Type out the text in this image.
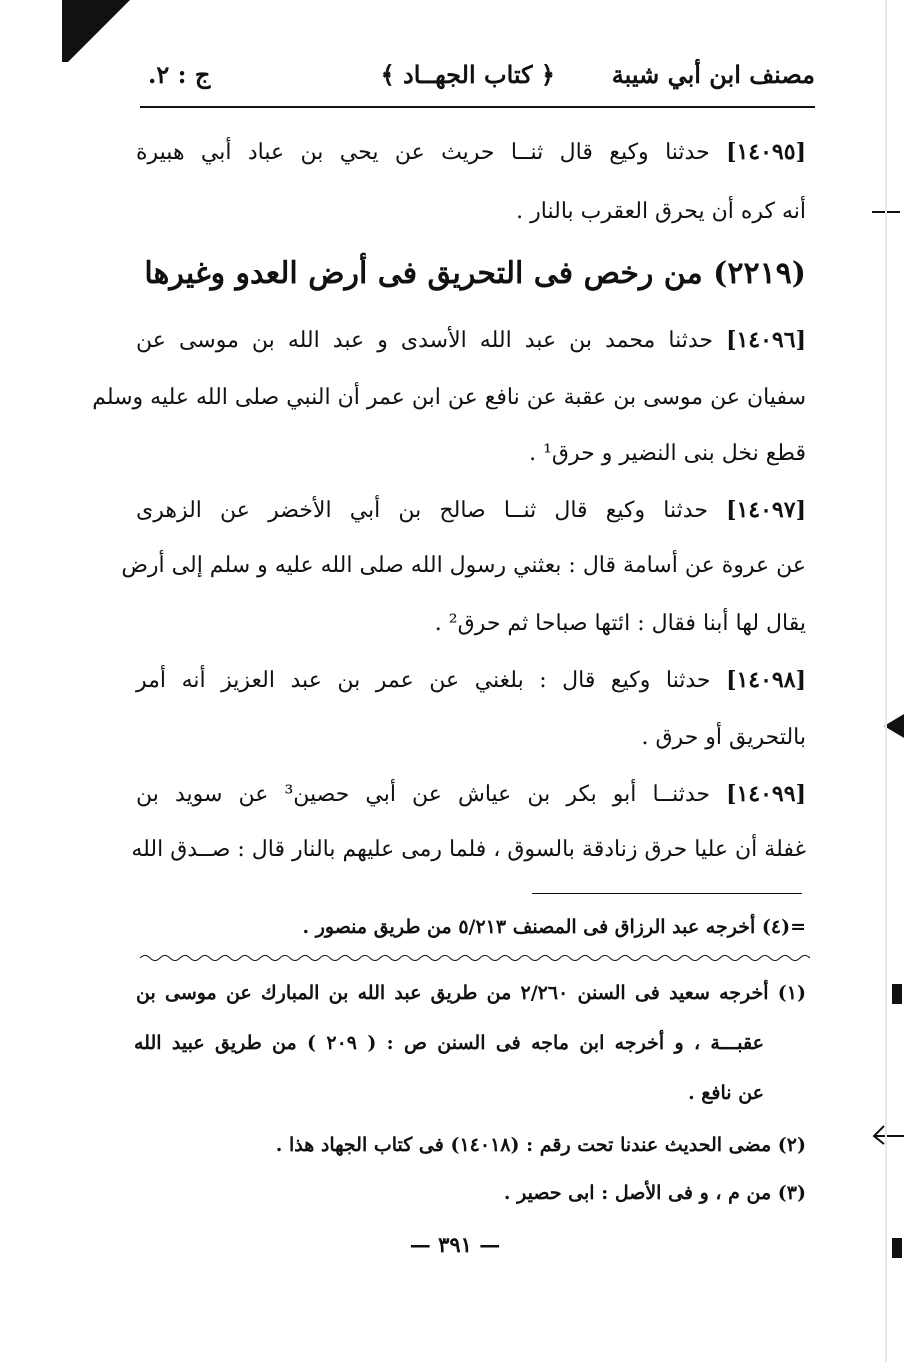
مصنف ابن أبي شيبة
﴿ كتاب الجهــاد ﴾
ج : ٢.
[١٤٠٩٥] حدثنا وكيع قال ثنــا حريث عن يحي بن عباد أبي هبيرة
أنه كره أن يحرق العقرب بالنار .
(٢٢١٩) من رخص فى التحريق فى أرض العدو وغيرها
[١٤٠٩٦] حدثنا محمد بن عبد الله الأسدى و عبد الله بن موسى عن
سفيان عن موسى بن عقبة عن نافع عن ابن عمر أن النبي صلى الله عليه وسلم
قطع نخل بنى النضير و حرق¹ .
[١٤٠٩٧] حدثنا وكيع قال ثنــا صالح بن أبي الأخضر عن الزهرى
عن عروة عن أسامة قال : بعثني رسول الله صلى الله عليه و سلم إلى أرض
يقال لها أبنا فقال : ائتها صباحا ثم حرق² .
[١٤٠٩٨] حدثنا وكيع قال : بلغني عن عمر بن عبد العزيز أنه أمر
بالتحريق أو حرق .
[١٤٠٩٩] حدثنــا أبو بكر بن عياش عن أبي حصين³ عن سويد بن
غفلة أن عليا حرق زنادقة بالسوق ، فلما رمى عليهم بالنار قال : صــدق الله
=(٤) أخرجه عبد الرزاق فى المصنف ٥/٢١٣ من طريق منصور .
(١) أخرجه سعيد فى السنن ٢/٢٦٠ من طريق عبد الله بن المبارك عن موسى بن
عقبـــة ، و أخرجه ابن ماجه فى السنن ص : ( ٢٠٩ ) من طريق عبيد الله
عن نافع .
(٢) مضى الحديث عندنا تحت رقم : (١٤٠١٨) فى كتاب الجهاد هذا .
(٣) من م ، و فى الأصل : ابى حصير .
— ٣٩١ —
